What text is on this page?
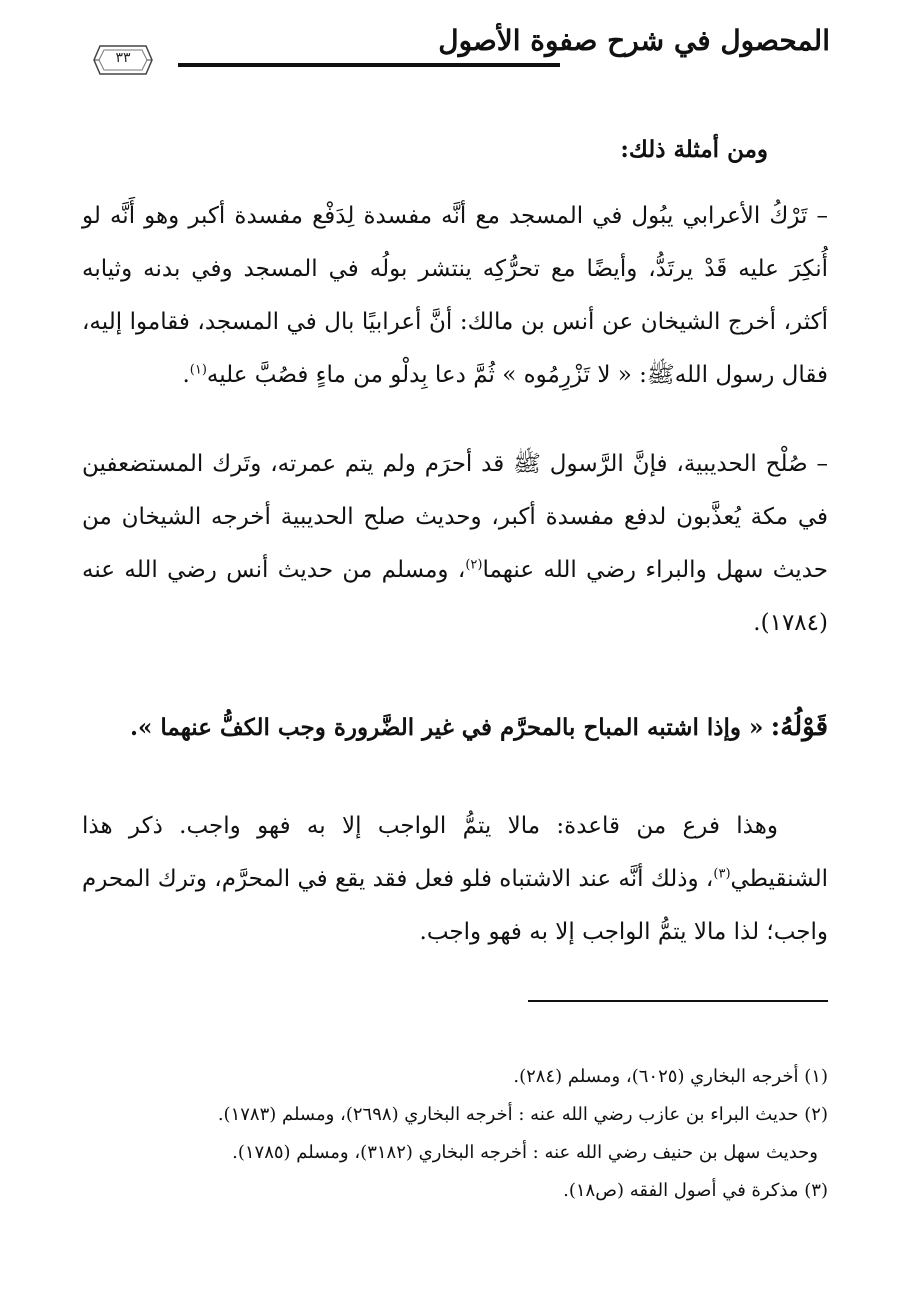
المحصول في شرح صفوة الأصول
٣٣
ومن أمثلة ذلك:

– تَرْكُ الأعرابي يبُول في المسجد مع أنَّه مفسدة لِدَفْع مفسدة أكبر وهو أَنَّه لو أُنكِرَ عليه قَدْ يرتَدُّ، وأيضًا مع تحرُّكِه ينتشر بولُه في المسجد وفي بدنه وثيابه أكثر، أخرج الشيخان عن أنس بن مالك: أنَّ أعرابيًا بال في المسجد، فقاموا إليه، فقال رسول اللهﷺ: « لا تَزْرِمُوه » ثُمَّ دعا بِدلْو من ماءٍ فصُبَّ عليه$^{(١)}$.

– صُلْح الحديبية، فإنَّ الرَّسول ﷺ قد أحرَم ولم يتم عمرته، وتَرك المستضعفين في مكة يُعذَّبون لدفع مفسدة أكبر، وحديث صلح الحديبية أخرجه الشيخان من حديث سهل والبراء رضي الله عنهما$^{(٢)}$، ومسلم من حديث أنس رضي الله عنه (١٧٨٤).

قَوْلُهُ: « وإذا اشتبه المباح بالمحرَّم في غير الضَّرورة وجب الكفُّ عنهما ».

وهذا فرع من قاعدة: مالا يتمُّ الواجب إلا به فهو واجب. ذكر هذا الشنقيطي$^{(٣)}$، وذلك أنَّه عند الاشتباه فلو فعل فقد يقع في المحرَّم، وترك المحرم واجب؛ لذا مالا يتمُّ الواجب إلا به فهو واجب.

(١) أخرجه البخاري (٦٠٢٥)، ومسلم (٢٨٤).
(٢) حديث البراء بن عازب رضي الله عنه : أخرجه البخاري (٢٦٩٨)، ومسلم (١٧٨٣).
وحديث سهل بن حنيف رضي الله عنه : أخرجه البخاري (٣١٨٢)، ومسلم (١٧٨٥).
(٣) مذكرة في أصول الفقه (ص١٨).
